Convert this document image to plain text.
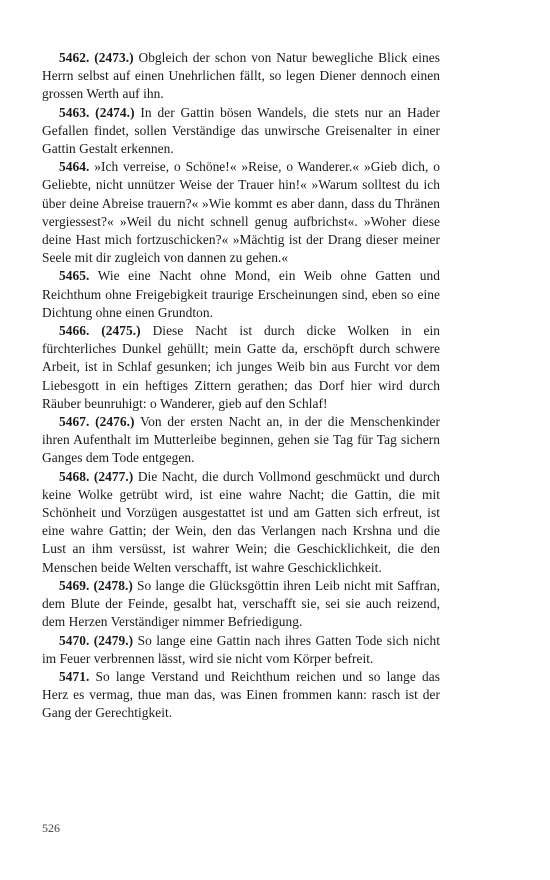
5462. (2473.) Obgleich der schon von Natur bewegliche Blick eines Herrn selbst auf einen Unehrlichen fällt, so legen Diener dennoch einen grossen Werth auf ihn.

5463. (2474.) In der Gattin bösen Wandels, die stets nur an Hader Gefallen findet, sollen Verständige das unwirsche Greisenalter in einer Gattin Gestalt erkennen.

5464. »Ich verreise, o Schöne!« »Reise, o Wanderer.« »Gieb dich, o Geliebte, nicht unnützer Weise der Trauer hin!« »Warum solltest du ich über deine Abreise trauern?« »Wie kommt es aber dann, dass du Thränen vergiessest?« »Weil du nicht schnell genug aufbrichst«. »Woher diese deine Hast mich fortzuschicken?« »Mächtig ist der Drang dieser meiner Seele mit dir zugleich von dannen zu gehen.«

5465. Wie eine Nacht ohne Mond, ein Weib ohne Gatten und Reichthum ohne Freigebigkeit traurige Erscheinungen sind, eben so eine Dichtung ohne einen Grundton.

5466. (2475.) Diese Nacht ist durch dicke Wolken in ein fürchterliches Dunkel gehüllt; mein Gatte da, erschöpft durch schwere Arbeit, ist in Schlaf gesunken; ich junges Weib bin aus Furcht vor dem Liebesgott in ein heftiges Zittern gerathen; das Dorf hier wird durch Räuber beunruhigt: o Wanderer, gieb auf den Schlaf!

5467. (2476.) Von der ersten Nacht an, in der die Menschenkinder ihren Aufenthalt im Mutterleibe beginnen, gehen sie Tag für Tag sichern Ganges dem Tode entgegen.

5468. (2477.) Die Nacht, die durch Vollmond geschmückt und durch keine Wolke getrübt wird, ist eine wahre Nacht; die Gattin, die mit Schönheit und Vorzügen ausgestattet ist und am Gatten sich erfreut, ist eine wahre Gattin; der Wein, den das Verlangen nach Krshna und die Lust an ihm versüsst, ist wahrer Wein; die Geschicklichkeit, die den Menschen beide Welten verschafft, ist wahre Geschicklichkeit.

5469. (2478.) So lange die Glücksgöttin ihren Leib nicht mit Saffran, dem Blute der Feinde, gesalbt hat, verschafft sie, sei sie auch reizend, dem Herzen Verständiger nimmer Befriedigung.

5470. (2479.) So lange eine Gattin nach ihres Gatten Tode sich nicht im Feuer verbrennen lässt, wird sie nicht vom Körper befreit.

5471. So lange Verstand und Reichthum reichen und so lange das Herz es vermag, thue man das, was Einen frommen kann: rasch ist der Gang der Gerechtigkeit.

526
